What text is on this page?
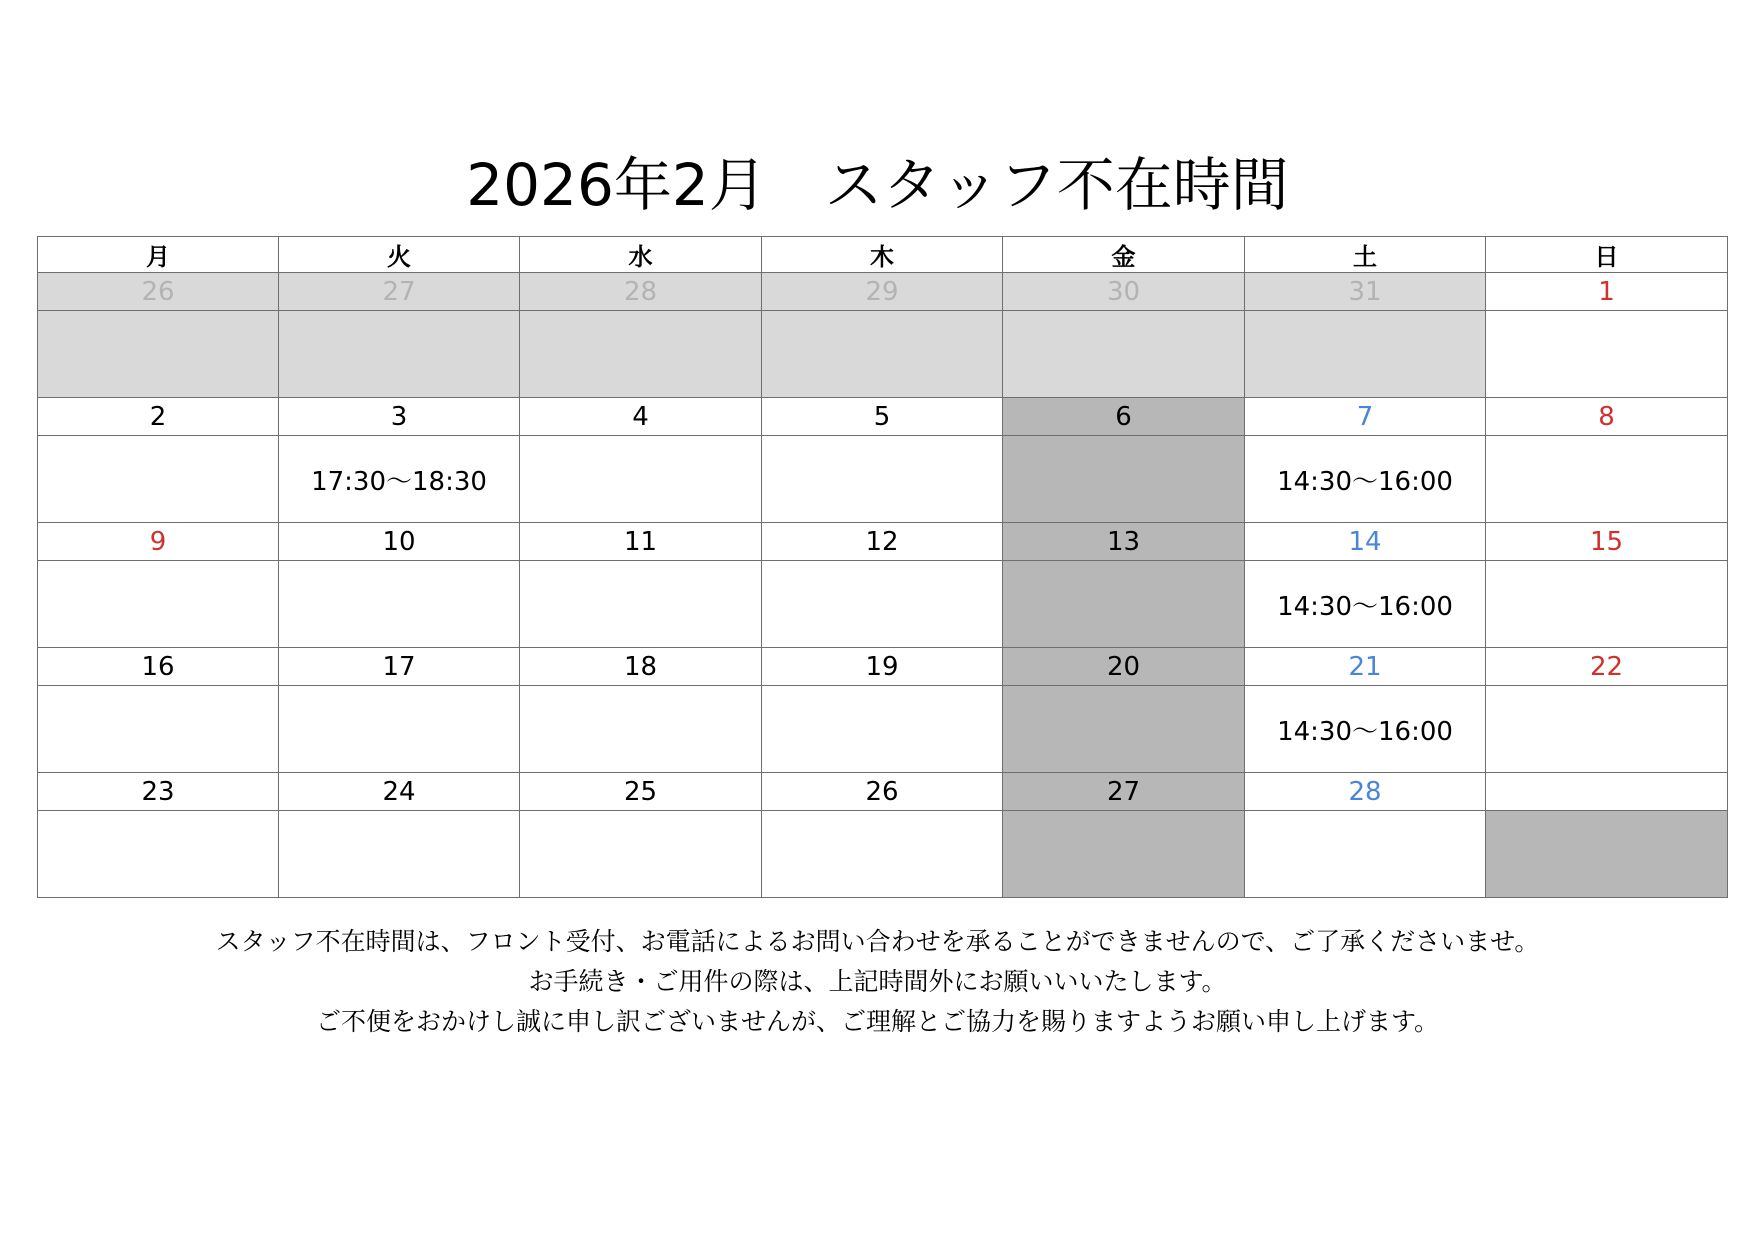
2026年2月　スタッフ不在時間
月	火	水	木	金	土	日
26	27	28	29	30	31	1

2	3	4	5	6	7	8
	17:30～18:30				14:30～16:00	
9	10	11	12	13	14	15
					14:30～16:00	
16	17	18	19	20	21	22
					14:30～16:00	
23	24	25	26	27	28	

スタッフ不在時間は、フロント受付、お電話によるお問い合わせを承ることができませんので、ご了承くださいませ。
お手続き・ご用件の際は、上記時間外にお願いいいたします。
ご不便をおかけし誠に申し訳ございませんが、ご理解とご協力を賜りますようお願い申し上げます。
